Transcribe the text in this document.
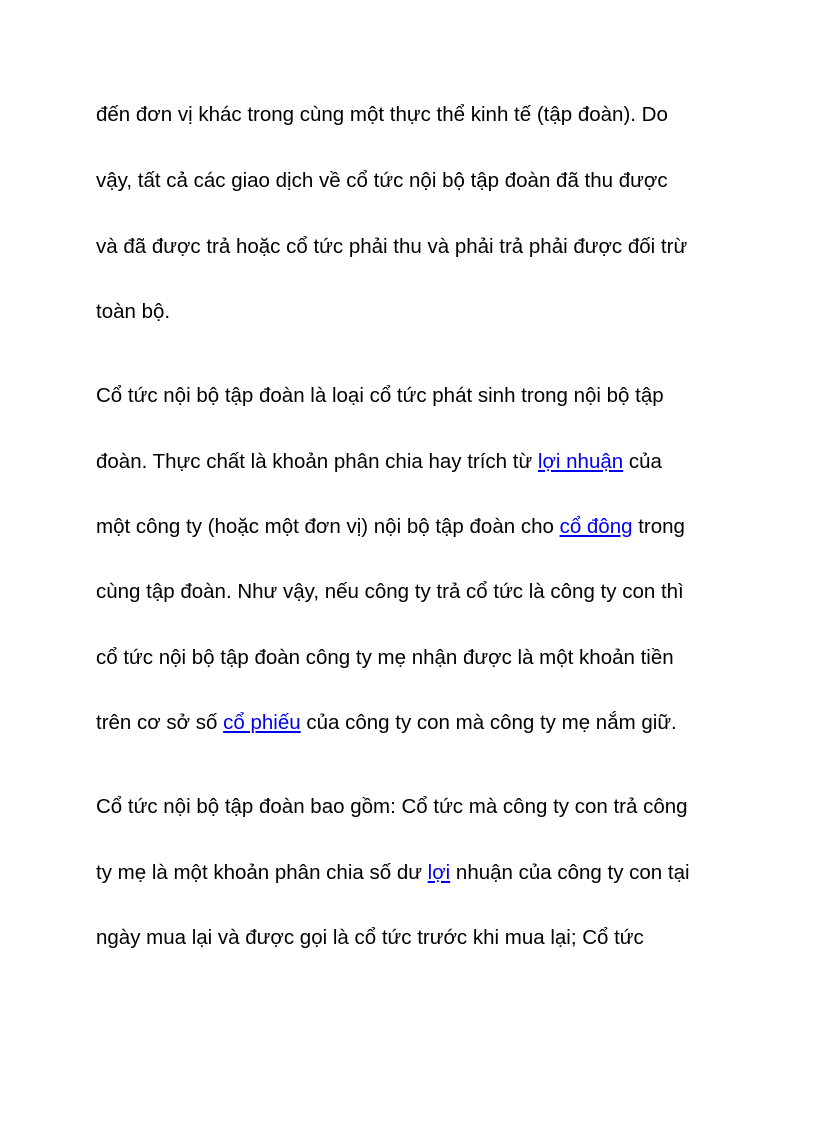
đến đơn vị khác trong cùng một thực thể kinh tế (tập đoàn). Do
vậy, tất cả các giao dịch về cổ tức nội bộ tập đoàn đã thu được
và đã được trả hoặc cổ tức phải thu và phải trả phải được đối trừ
toàn bộ.
Cổ tức nội bộ tập đoàn là loại cổ tức phát sinh trong nội bộ tập
đoàn. Thực chất là khoản phân chia hay trích từ lợi nhuận của
một công ty (hoặc một đơn vị) nội bộ tập đoàn cho cổ đông trong
cùng tập đoàn. Như vậy, nếu công ty trả cổ tức là công ty con thì
cổ tức nội bộ tập đoàn công ty mẹ nhận được là một khoản tiền
trên cơ sở số cổ phiếu của công ty con mà công ty mẹ nắm giữ.
Cổ tức nội bộ tập đoàn bao gồm: Cổ tức mà công ty con trả công
ty mẹ là một khoản phân chia số dư lợi nhuận của công ty con tại
ngày mua lại và được gọi là cổ tức trước khi mua lại; Cổ tức
